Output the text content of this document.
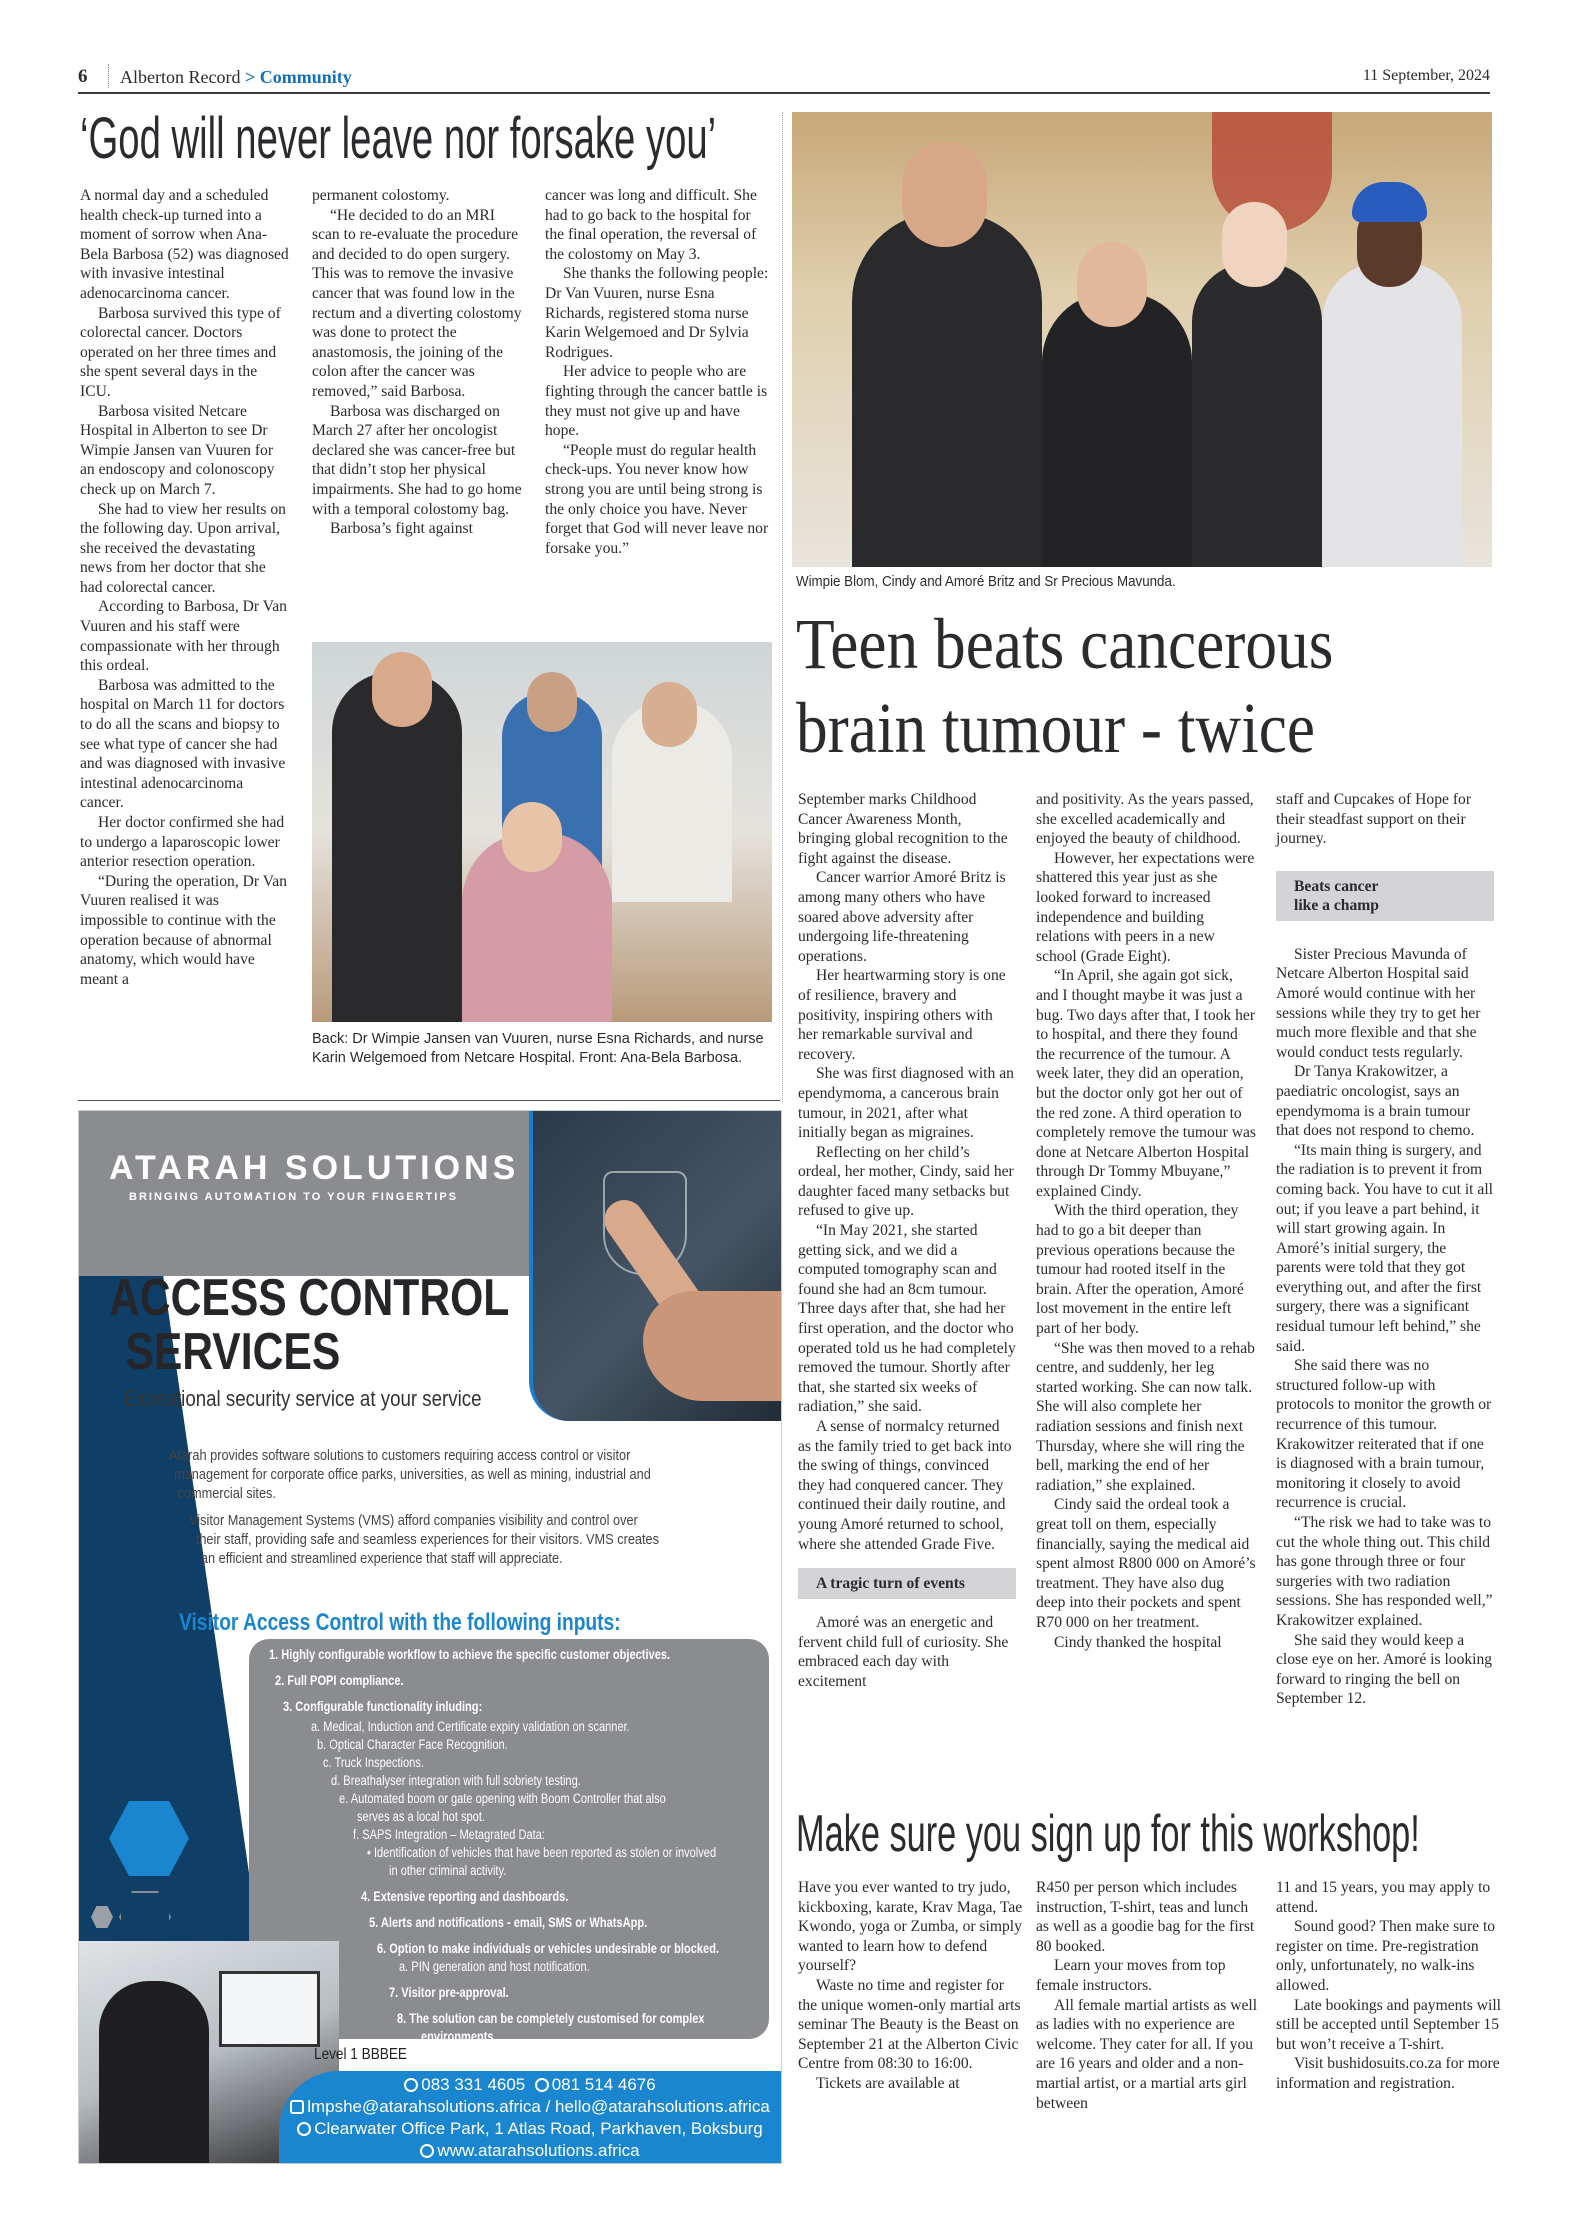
6 Alberton Record > Community	11 September, 2024
‘God will never leave nor forsake you’

A normal day and a scheduled health check-up turned into a moment of sorrow when Ana-Bela Barbosa (52) was diagnosed with invasive intestinal adenocarcinoma cancer.

Barbosa survived this type of colorectal cancer. Doctors operated on her three times and she spent several days in the ICU.

Barbosa visited Netcare Hospital in Alberton to see Dr Wimpie Jansen van Vuuren for an endoscopy and colonoscopy check up on March 7.

She had to view her results on the following day. Upon arrival, she received the devastating news from her doctor that she had colorectal cancer.

According to Barbosa, Dr Van Vuuren and his staff were compassionate with her through this ordeal.

Barbosa was admitted to the hospital on March 11 for doctors to do all the scans and biopsy to see what type of cancer she had and was diagnosed with invasive intestinal adenocarcinoma cancer.

Her doctor confirmed she had to undergo a laparoscopic lower anterior resection operation.

“During the operation, Dr Van Vuuren realised it was impossible to continue with the operation because of abnormal anatomy, which would have meant a

permanent colostomy.

“He decided to do an MRI scan to re-evaluate the procedure and decided to do open surgery. This was to remove the invasive cancer that was found low in the rectum and a diverting colostomy was done to protect the anastomosis, the joining of the colon after the cancer was removed,” said Barbosa.

Barbosa was discharged on March 27 after her oncologist declared she was cancer-free but that didn’t stop her physical impairments. She had to go home with a temporal colostomy bag.

Barbosa’s fight against

cancer was long and difficult. She had to go back to the hospital for the final operation, the reversal of the colostomy on May 3.

She thanks the following people: Dr Van Vuuren, nurse Esna Richards, registered stoma nurse Karin Welgemoed and Dr Sylvia Rodrigues.

Her advice to people who are fighting through the cancer battle is they must not give up and have hope.

“People must do regular health check-ups. You never know how strong you are until being strong is the only choice you have. Never forget that God will never leave nor forsake you.”

Back: Dr Wimpie Jansen van Vuuren, nurse Esna Richards, and nurse Karin Welgemoed from Netcare Hospital. Front: Ana-Bela Barbosa.
Wimpie Blom, Cindy and Amoré Britz and Sr Precious Mavunda.
Teen beats cancerous
brain tumour - twice

September marks Childhood Cancer Awareness Month, bringing global recognition to the fight against the disease.

Cancer warrior Amoré Britz is among many others who have soared above adversity after undergoing life-threatening operations.

Her heartwarming story is one of resilience, bravery and positivity, inspiring others with her remarkable survival and recovery.

She was first diagnosed with an ependymoma, a cancerous brain tumour, in 2021, after what initially began as migraines.

Reflecting on her child’s ordeal, her mother, Cindy, said her daughter faced many setbacks but refused to give up.

“In May 2021, she started getting sick, and we did a computed tomography scan and found she had an 8cm tumour. Three days after that, she had her first operation, and the doctor who operated told us he had completely removed the tumour. Shortly after that, she started six weeks of radiation,” she said.

A sense of normalcy returned as the family tried to get back into the swing of things, convinced they had conquered cancer. They continued their daily routine, and young Amoré returned to school, where she attended Grade Five.

A tragic turn of events

Amoré was an energetic and fervent child full of curiosity. She embraced each day with excitement

and positivity. As the years passed, she excelled academically and enjoyed the beauty of childhood.

However, her expectations were shattered this year just as she looked forward to increased independence and building relations with peers in a new school (Grade Eight).

“In April, she again got sick, and I thought maybe it was just a bug. Two days after that, I took her to hospital, and there they found the recurrence of the tumour. A week later, they did an operation, but the doctor only got her out of the red zone. A third operation to completely remove the tumour was done at Netcare Alberton Hospital through Dr Tommy Mbuyane,” explained Cindy.

With the third operation, they had to go a bit deeper than previous operations because the tumour had rooted itself in the brain. After the operation, Amoré lost movement in the entire left part of her body.

“She was then moved to a rehab centre, and suddenly, her leg started working. She can now talk. She will also complete her radiation sessions and finish next Thursday, where she will ring the bell, marking the end of her radiation,” she explained.

Cindy said the ordeal took a great toll on them, especially financially, saying the medical aid spent almost R800 000 on Amoré’s treatment. They have also dug deep into their pockets and spent R70 000 on her treatment.

Cindy thanked the hospital

staff and Cupcakes of Hope for their steadfast support on their journey.

Beats cancer
like a champ

Sister Precious Mavunda of Netcare Alberton Hospital said Amoré would continue with her sessions while they try to get her much more flexible and that she would conduct tests regularly.

Dr Tanya Krakowitzer, a paediatric oncologist, says an ependymoma is a brain tumour that does not respond to chemo.

“Its main thing is surgery, and the radiation is to prevent it from coming back. You have to cut it all out; if you leave a part behind, it will start growing again. In Amoré’s initial surgery, the parents were told that they got everything out, and after the first surgery, there was a significant residual tumour left behind,” she said.

She said there was no structured follow-up with protocols to monitor the growth or recurrence of this tumour. Krakowitzer reiterated that if one is diagnosed with a brain tumour, monitoring it closely to avoid recurrence is crucial.

“The risk we had to take was to cut the whole thing out. This child has gone through three or four surgeries with two radiation sessions. She has responded well,” Krakowitzer explained.

She said they would keep a close eye on her. Amoré is looking forward to ringing the bell on September 12.

Make sure you sign up for this workshop!

Have you ever wanted to try judo, kickboxing, karate, Krav Maga, Tae Kwondo, yoga or Zumba, or simply wanted to learn how to defend yourself?

Waste no time and register for the unique women-only martial arts seminar The Beauty is the Beast on September 21 at the Alberton Civic Centre from 08:30 to 16:00.

Tickets are available at

R450 per person which includes instruction, T-shirt, teas and lunch as well as a goodie bag for the first 80 booked.

Learn your moves from top female instructors.

All female martial artists as well as ladies with no experience are welcome. They cater for all. If you are 16 years and older and a non-martial artist, or a martial arts girl between

11 and 15 years, you may apply to attend.

Sound good? Then make sure to register on time. Pre-registration only, unfortunately, no walk-ins allowed.

Late bookings and payments will still be accepted until September 15 but won’t receive a T-shirt.

Visit bushidosuits.co.za for more information and registration.

ATARAH SOLUTIONS
BRINGING AUTOMATION TO YOUR FINGERTIPS
ACCESS CONTROL
SERVICES
Exceptional security service at your service
Atarah provides software solutions to customers requiring access control or visitor
management for corporate office parks, universities, as well as mining, industrial and
commercial sites.
Visitor Management Systems (VMS) afford companies visibility and control over
their staff, providing safe and seamless experiences for their visitors. VMS creates
an efficient and streamlined experience that staff will appreciate.
Visitor Access Control with the following inputs:
1. Highly configurable workflow to achieve the specific customer objectives.
2. Full POPI compliance.
3. Configurable functionality inluding:
a. Medical, Induction and Certificate expiry validation on scanner.
b. Optical Character Face Recognition.
c. Truck Inspections.
d. Breathalyser integration with full sobriety testing.
e. Automated boom or gate opening with Boom Controller that also
serves as a local hot spot.
f. SAPS Integration – Metagrated Data:
• Identification of vehicles that have been reported as stolen or involved
in other criminal activity.
4. Extensive reporting and dashboards.
5. Alerts and notifications - email, SMS or WhatsApp.
6. Option to make individuals or vehicles undesirable or blocked.
a. PIN generation and host notification.
7. Visitor pre-approval.
8. The solution can be completely customised for complex
environments.
Level 1 BBBEE
083 331 4605 081 514 4676
lmpshe@atarahsolutions.africa / hello@atarahsolutions.africa
Clearwater Office Park, 1 Atlas Road, Parkhaven, Boksburg
www.atarahsolutions.africa
